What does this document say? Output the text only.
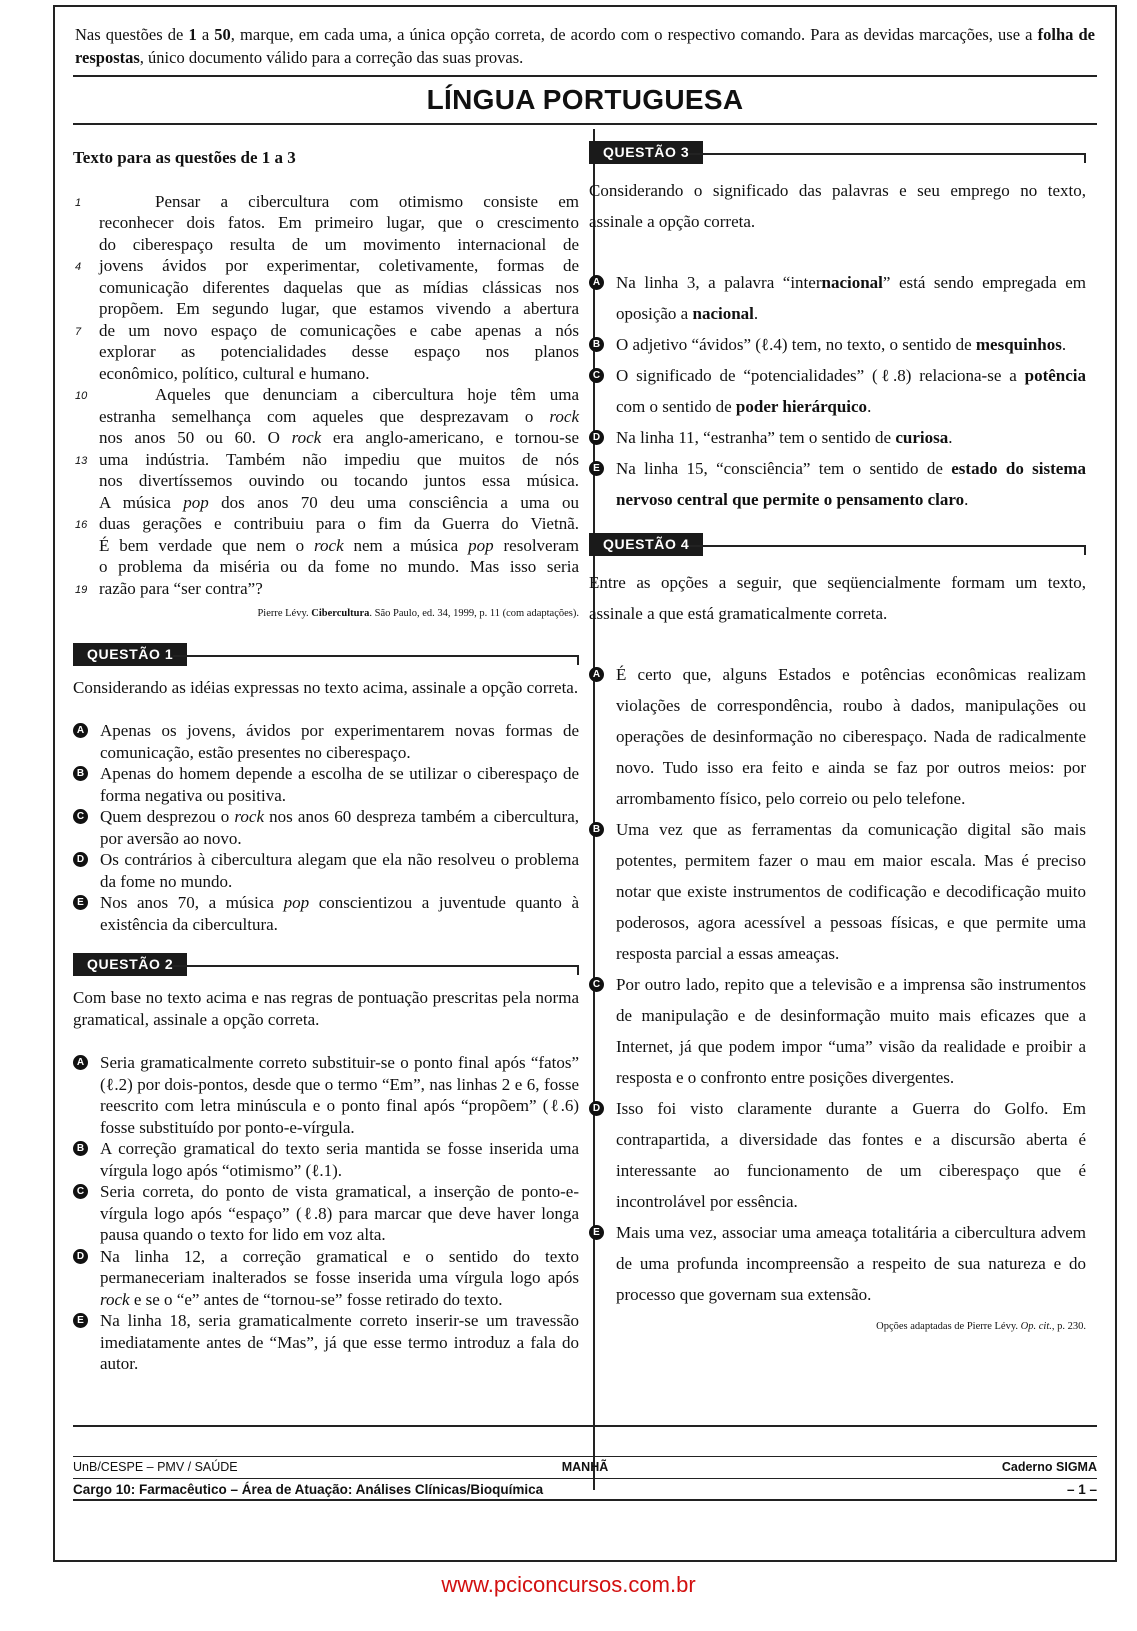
Nas questões de 1 a 50, marque, em cada uma, a única opção correta, de acordo com o respectivo comando. Para as devidas marcações, use a folha de respostas, único documento válido para a correção das suas provas.
LÍNGUA PORTUGUESA
Texto para as questões de 1 a 3
1	Pensar a cibercultura com otimismo consiste em
reconhecer dois fatos. Em primeiro lugar, que o crescimento
do ciberespaço resulta de um movimento internacional de
4 jovens ávidos por experimentar, coletivamente, formas de
comunicação diferentes daquelas que as mídias clássicas nos
propõem. Em segundo lugar, que estamos vivendo a abertura
7 de um novo espaço de comunicações e cabe apenas a nós
explorar as potencialidades desse espaço nos planos
econômico, político, cultural e humano.
10	Aqueles que denunciam a cibercultura hoje têm uma
estranha semelhança com aqueles que desprezavam o rock
nos anos 50 ou 60. O rock era anglo-americano, e tornou-se
13 uma indústria. Também não impediu que muitos de nós
nos divertíssemos ouvindo ou tocando juntos essa música.
A música pop dos anos 70 deu uma consciência a uma ou
16 duas gerações e contribuiu para o fim da Guerra do Vietnã.
É bem verdade que nem o rock nem a música pop resolveram
o problema da miséria ou da fome no mundo. Mas isso seria
19 razão para “ser contra”?
Pierre Lévy. Cibercultura. São Paulo, ed. 34, 1999, p. 11 (com adaptações).
QUESTÃO 1
Considerando as idéias expressas no texto acima, assinale a opção correta.
A Apenas os jovens, ávidos por experimentarem novas formas de comunicação, estão presentes no ciberespaço.
B Apenas do homem depende a escolha de se utilizar o ciberespaço de forma negativa ou positiva.
C Quem desprezou o rock nos anos 60 despreza também a cibercultura, por aversão ao novo.
D Os contrários à cibercultura alegam que ela não resolveu o problema da fome no mundo.
E Nos anos 70, a música pop conscientizou a juventude quanto à existência da cibercultura.
QUESTÃO 2
Com base no texto acima e nas regras de pontuação prescritas pela norma gramatical, assinale a opção correta.
A Seria gramaticalmente correto substituir-se o ponto final após “fatos” (ℓ.2) por dois-pontos, desde que o termo “Em”, nas linhas 2 e 6, fosse reescrito com letra minúscula e o ponto final após “propõem” (ℓ.6) fosse substituído por ponto-e-vírgula.
B A correção gramatical do texto seria mantida se fosse inserida uma vírgula logo após “otimismo” (ℓ.1).
C Seria correta, do ponto de vista gramatical, a inserção de ponto-e-vírgula logo após “espaço” (ℓ.8) para marcar que deve haver longa pausa quando o texto for lido em voz alta.
D Na linha 12, a correção gramatical e o sentido do texto permaneceriam inalterados se fosse inserida uma vírgula logo após rock e se o “e” antes de “tornou-se” fosse retirado do texto.
E Na linha 18, seria gramaticalmente correto inserir-se um travessão imediatamente antes de “Mas”, já que esse termo introduz a fala do autor.
QUESTÃO 3
Considerando o significado das palavras e seu emprego no texto, assinale a opção correta.
A Na linha 3, a palavra “internacional” está sendo empregada em oposição a nacional.
B O adjetivo “ávidos” (ℓ.4) tem, no texto, o sentido de mesquinhos.
C O significado de “potencialidades” (ℓ.8) relaciona-se a potência com o sentido de poder hierárquico.
D Na linha 11, “estranha” tem o sentido de curiosa.
E Na linha 15, “consciência” tem o sentido de estado do sistema nervoso central que permite o pensamento claro.
QUESTÃO 4
Entre as opções a seguir, que seqüencialmente formam um texto, assinale a que está gramaticalmente correta.
A É certo que, alguns Estados e potências econômicas realizam violações de correspondência, roubo à dados, manipulações ou operações de desinformação no ciberespaço. Nada de radicalmente novo. Tudo isso era feito e ainda se faz por outros meios: por arrombamento físico, pelo correio ou pelo telefone.
B Uma vez que as ferramentas da comunicação digital são mais potentes, permitem fazer o mau em maior escala. Mas é preciso notar que existe instrumentos de codificação e decodificação muito poderosos, agora acessível a pessoas físicas, e que permite uma resposta parcial a essas ameaças.
C Por outro lado, repito que a televisão e a imprensa são instrumentos de manipulação e de desinformação muito mais eficazes que a Internet, já que podem impor “uma” visão da realidade e proibir a resposta e o confronto entre posições divergentes.
D Isso foi visto claramente durante a Guerra do Golfo. Em contrapartida, a diversidade das fontes e a discursão aberta é interessante ao funcionamento de um ciberespaço que é incontrolável por essência.
E Mais uma vez, associar uma ameaça totalitária a cibercultura advem de uma profunda incompreensão a respeito de sua natureza e do processo que governam sua extensão.
Opções adaptadas de Pierre Lévy. Op. cit., p. 230.
UnB/CESPE – PMV / SAÚDE	MANHÃ	Caderno SIGMA
Cargo 10: Farmacêutico – Área de Atuação: Análises Clínicas/Bioquímica	– 1 –
www.pciconcursos.com.br
